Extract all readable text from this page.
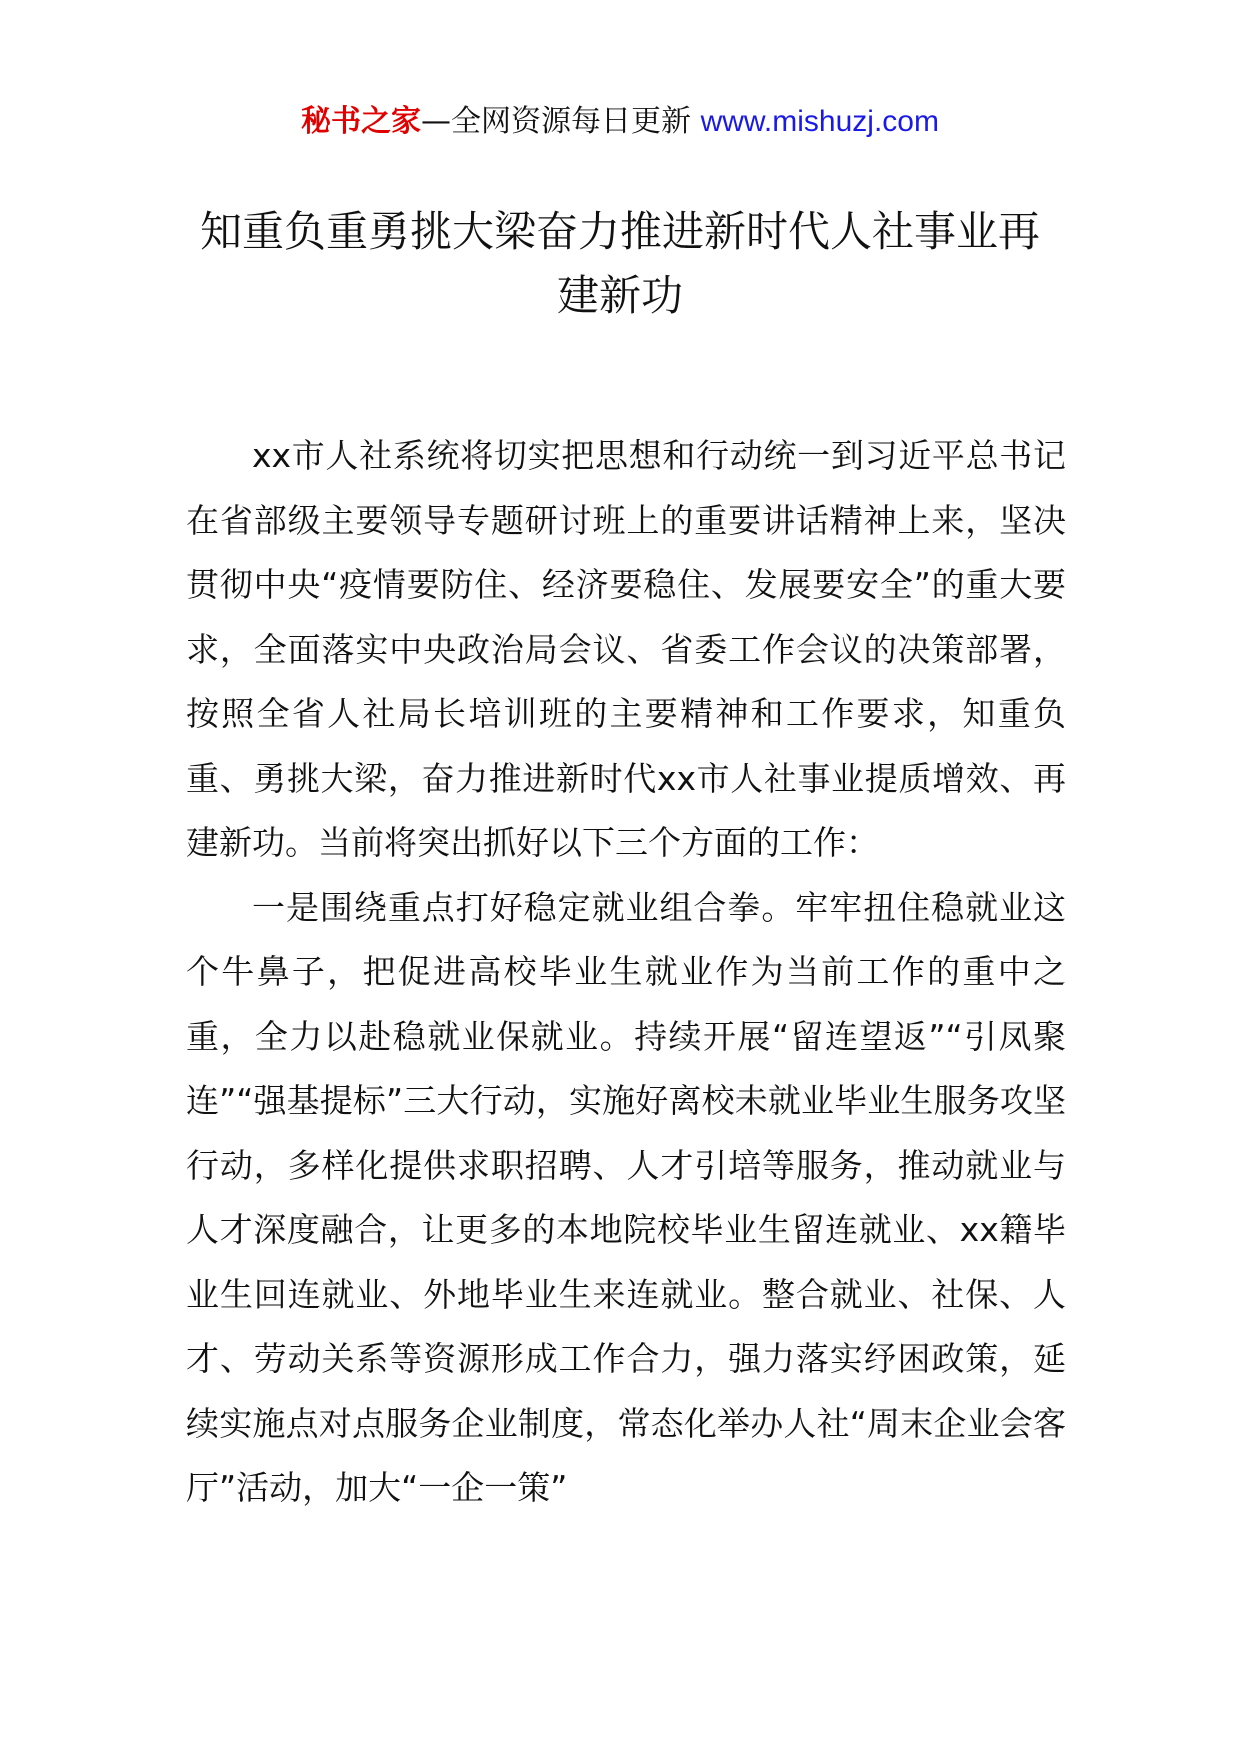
秘书之家—全网资源每日更新 www.mishuzj.com
知重负重勇挑大梁奋力推进新时代人社事业再建新功

xx市人社系统将切实把思想和行动统一到习近平总书记在省部级主要领导专题研讨班上的重要讲话精神上来，坚决贯彻中央“疫情要防住、经济要稳住、发展要安全”的重大要求，全面落实中央政治局会议、省委工作会议的决策部署，按照全省人社局长培训班的主要精神和工作要求，知重负重、勇挑大梁，奋力推进新时代xx市人社事业提质增效、再建新功。当前将突出抓好以下三个方面的工作：

一是围绕重点打好稳定就业组合拳。牢牢扭住稳就业这个牛鼻子，把促进高校毕业生就业作为当前工作的重中之重，全力以赴稳就业保就业。持续开展“留连望返”“引凤聚连”“强基提标”三大行动，实施好离校未就业毕业生服务攻坚行动，多样化提供求职招聘、人才引培等服务，推动就业与人才深度融合，让更多的本地院校毕业生留连就业、xx籍毕业生回连就业、外地毕业生来连就业。整合就业、社保、人才、劳动关系等资源形成工作合力，强力落实纾困政策，延续实施点对点服务企业制度，常态化举办人社“周末企业会客厅”活动，加大“一企一策”
